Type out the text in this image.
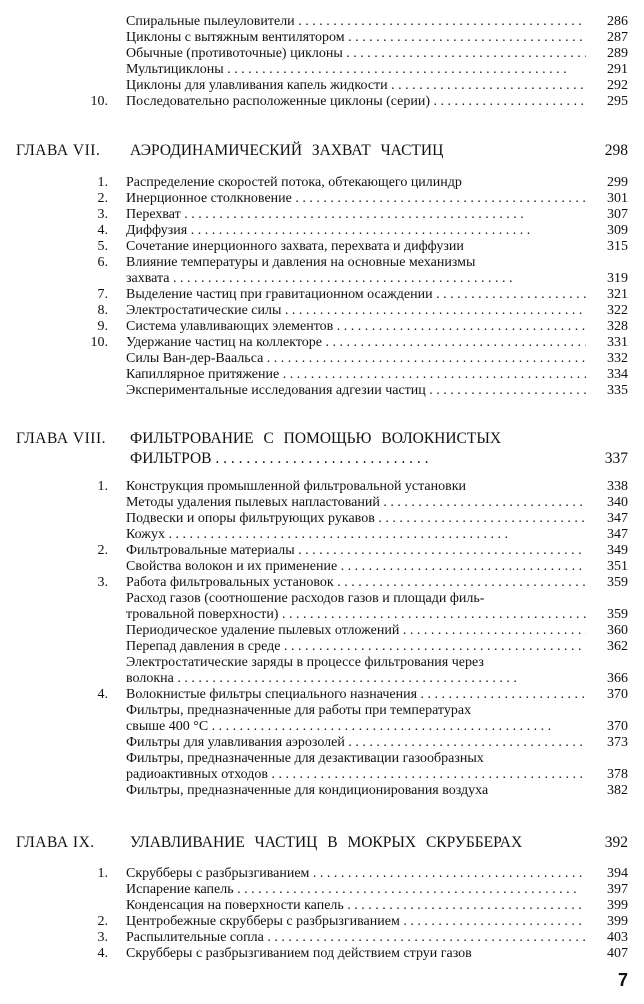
Спиральные пылеуловители . .	286
Циклоны с вытяжным вентилятором . .	287
Обычные (противоточные) циклоны . .	289
Мультициклоны . .	291
Циклоны для улавливания капель жидкости . .	292
10. Последовательно расположенные циклоны (серии) . .	295
ГЛАВА VII. АЭРОДИНАМИЧЕСКИЙ ЗАХВАТ ЧАСТИЦ	298
1. Распределение скоростей потока, обтекающего цилиндр	299
2. Инерционное столкновение . .	301
3. Перехват . .	307
4. Диффузия . .	309
5. Сочетание инерционного захвата, перехвата и диффузии	315
6. Влияние температуры и давления на основные механизмы
захвата . .	319
7. Выделение частиц при гравитационном осаждении . .	321
8. Электростатические силы . .	322
9. Система улавливающих элементов . .	328
10. Удержание частиц на коллекторе . .	331
Силы Ван-дер-Ваальса . .	332
Капиллярное притяжение . .	334
Экспериментальные исследования адгезии частиц . .	335
ГЛАВА VIII. ФИЛЬТРОВАНИЕ С ПОМОЩЬЮ ВОЛОКНИСТЫХ
ФИЛЬТРОВ . .	337
1. Конструкция промышленной фильтровальной установки	338
Методы удаления пылевых напластований . .	340
Подвески и опоры фильтрующих рукавов . .	347
Кожух . .	347
2. Фильтровальные материалы . .	349
Свойства волокон и их применение . .	351
3. Работа фильтровальных установок . .	359
Расход газов (соотношение расходов газов и площади филь-
тровальной поверхности) . .	359
Периодическое удаление пылевых отложений . .	360
Перепад давления в среде . .	362
Электростатические заряды в процессе фильтрования через
волокна . .	366
4. Волокнистые фильтры специального назначения . .	370
Фильтры, предназначенные для работы при температурах
свыше 400 °C . .	370
Фильтры для улавливания аэрозолей . .	373
Фильтры, предназначенные для дезактивации газообразных
радиоактивных отходов . .	378
Фильтры, предназначенные для кондиционирования воздуха	382
ГЛАВА IX. УЛАВЛИВАНИЕ ЧАСТИЦ В МОКРЫХ СКРУББЕРАХ	392
1. Скрубберы с разбрызгиванием . .	394
Испарение капель . .	397
Конденсация на поверхности капель . .	399
2. Центробежные скрубберы с разбрызгиванием . .	399
3. Распылительные сопла . .	403
4. Скрубберы с разбрызгиванием под действием струи газов	407
7
